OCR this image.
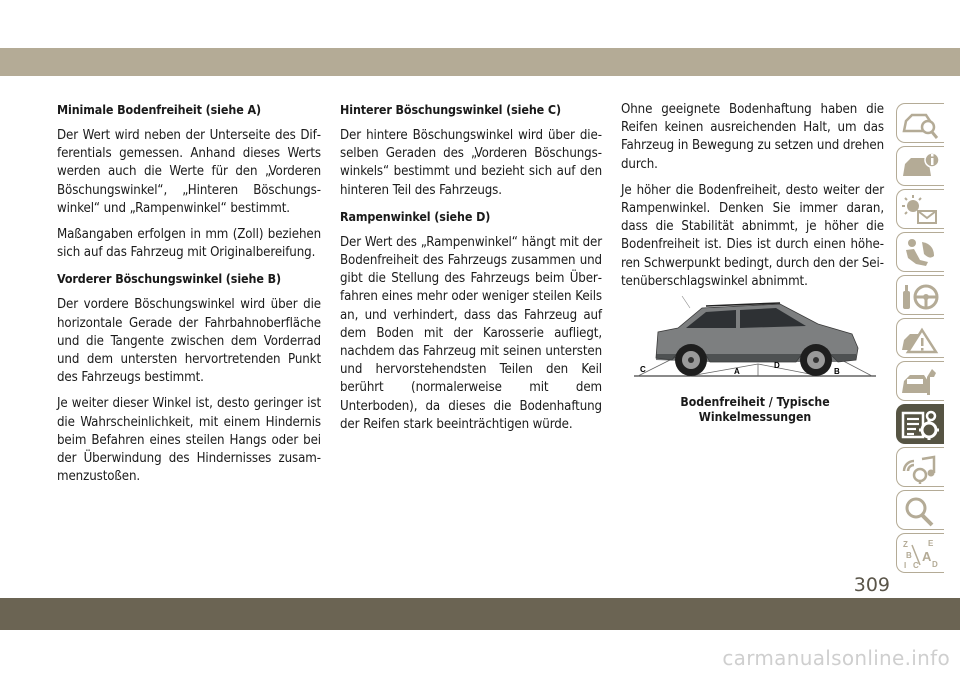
Minimale Bodenfreiheit (siehe A)

Der Wert wird neben der Unterseite des Differentials gemessen. Anhand dieses Werts werden auch die Werte für den „Vorderen Böschungswinkel“, „Hinteren Böschungswinkel“ und „Rampenwinkel“ bestimmt.

Maßangaben erfolgen in mm (Zoll) beziehen sich auf das Fahrzeug mit Originalbereifung.

Vorderer Böschungswinkel (siehe B)

Der vordere Böschungswinkel wird über die horizontale Gerade der Fahrbahnoberfläche und die Tangente zwischen dem Vorderrad und dem untersten hervortretenden Punkt des Fahrzeugs bestimmt.

Je weiter dieser Winkel ist, desto geringer ist die Wahrscheinlichkeit, mit einem Hindernis beim Befahren eines steilen Hangs oder bei der Überwindung des Hindernisses zusammenzustoßen.

Hinterer Böschungswinkel (siehe C)

Der hintere Böschungswinkel wird über dieselben Geraden des „Vorderen Böschungswinkels“ bestimmt und bezieht sich auf den hinteren Teil des Fahrzeugs.

Rampenwinkel (siehe D)

Der Wert des „Rampenwinkel“ hängt mit der Bodenfreiheit des Fahrzeugs zusammen und gibt die Stellung des Fahrzeugs beim Überfahren eines mehr oder weniger steilen Keils an, und verhindert, dass das Fahrzeug auf dem Boden mit der Karosserie aufliegt, nachdem das Fahrzeug mit seinen untersten und hervorstehendsten Teilen den Keil berührt (normalerweise mit dem Unterboden), da dieses die Bodenhaftung der Reifen stark beeinträchtigen würde.

Ohne geeignete Bodenhaftung haben die Reifen keinen ausreichenden Halt, um das Fahrzeug in Bewegung zu setzen und drehen durch.

Je höher die Bodenfreiheit, desto weiter der Rampenwinkel. Denken Sie immer daran, dass die Stabilität abnimmt, je höher die Bodenfreiheit ist. Dies ist durch einen höheren Schwerpunkt bedingt, durch den der Seitenüberschlagswinkel abnimmt.

C	A
D
B
Bodenfreiheit / Typische
Winkelmessungen
Z	E
B A
I C D
309
carmanualsonline.info
